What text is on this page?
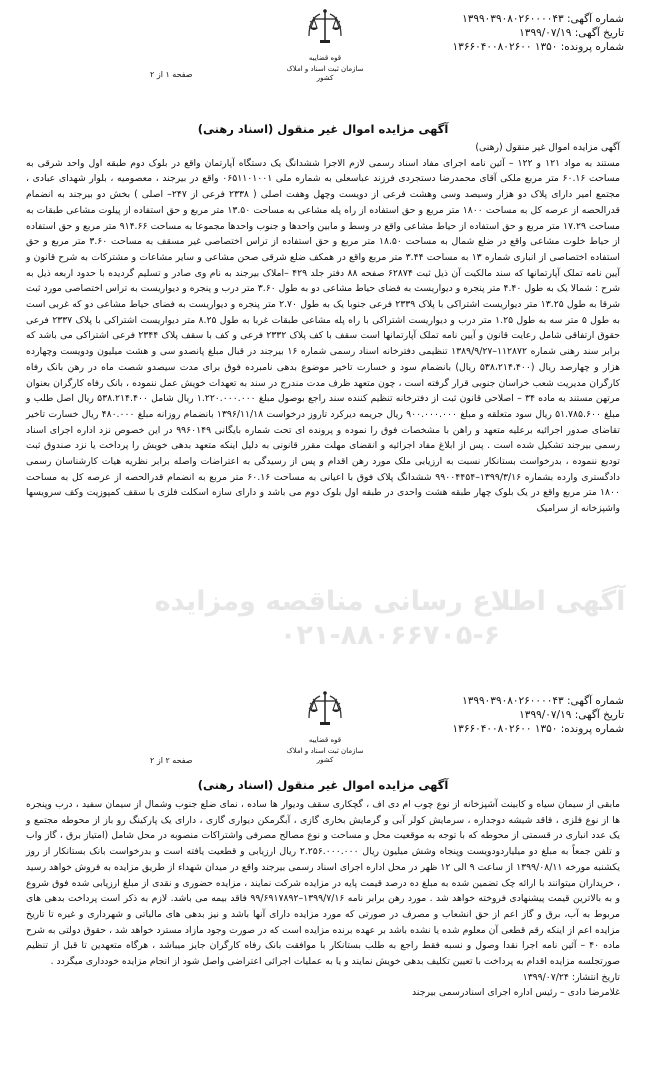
شماره آگهی: ۱۳۹۹۰۳۹۰۸۰۲۶۰۰۰۰۴۳
تاریخ آگهی: ۱۳۹۹/۰۷/۱۹
شماره پرونده: ۱۳۵۰ ۱۳۶۶۰۴۰۰۸۰۲۶۰۰
قوه قضاییه
سازمان ثبت اسناد و املاک کشور
صفحه ۱ از ۲
آگهی مزایده اموال غیر منقول (اسناد رهنی)
آگهی مزایده اموال غیر منقول (رهنی)
مستند به مواد ۱۲۱ و ۱۲۲ – آئین نامه اجرای مفاد اسناد رسمی لازم الاجرا ششدانگ یک دستگاه آپارتمان واقع در بلوک دوم طبقه اول واحد شرقی به مساحت ۶۰.۱۶ متر مربع ملکی آقای محمدرضا دستجردی فرزند عباسعلی به شماره ملی ۰۶۵۱۱۰۱۰۰۱ واقع در بیرجند ، معصومیه ، بلوار شهدای عبادی ، مجتمع امیر دارای پلاک دو هزار وسیصد وسی وهشت فرعی از دویست وچهل وهفت اصلی ( ۲۳۳۸ فرعی از ۲۴۷– اصلی ) بخش دو بیرجند به انضمام قدرالحصه از عرصه کل به مساحت ۱۸۰۰ متر مربع و حق استفاده از راه پله مشاعی به مساحت ۱۳.۵۰ متر مربع و حق استفاده از پیلوت مشاعی طبقات به مساحت ۱۷.۲۹ متر مربع و حق استفاده از حیاط مشاعی واقع در وسط و مابین واحدها و جنوب واحدها مجموعا به مساحت ۹۱۴.۶۶ متر مربع و حق استفاده از حیاط خلوت مشاعی واقع در ضلع شمال به مساحت ۱۸.۵۰ متر مربع و حق استفاده از تراس اختصاصی غیر مسقف به مساحت ۳.۶۰ متر مربع و حق استفاده اختصاصی از انباری شماره ۱۳ به مساحت ۳.۴۴ متر مربع واقع در همکف ضلع شرقی صحن مشاعی و سایر مشاعات و مشترکات به شرح قانون و آیین نامه تملک آپارتمانها که سند مالکیت آن ذیل ثبت ۶۲۸۷۴ صفحه ۸۸ دفتر جلد ۴۲۹ –املاک بیرجند به نام وی صادر و تسلیم گردیده با حدود اربعه ذیل به شرح : شمالا یک به طول ۴.۴۰ متر پنجره و دیواریست به فضای حیاط مشاعی دو به طول ۳.۶۰ متر درب و پنجره و دیواریست به تراس اختصاصی مورد ثبت شرقا به طول ۱۳.۲۵ متر دیواریست اشتراکی با پلاک ۲۳۳۹ فرعی جنوبا یک به طول ۲.۷۰ متر پنجره و دیواریست به فضای حیاط مشاعی دو که غربی است به طول ۵ متر سه به طول ۱.۲۵ متر درب و دیواریست اشتراکی با راه پله مشاعی طبقات غربا به طول ۸.۲۵ متر دیواریست اشتراکی با پلاک ۲۳۳۷ فرعی حقوق ارتفاقی شامل رعایت قانون و آیین نامه تملک آپارتمانها است سقف با کف پلاک ۲۳۳۲ فرعی و کف با سقف پلاک ۲۳۴۴ فرعی اشتراکی می باشد که برابر سند رهنی شماره ۱۱۲۸۷۲–۱۳۸۹/۹/۲۷ تنظیمی دفترخانه اسناد رسمی شماره ۱۶ بیرجند در قبال مبلغ پانصدو سی و هشت میلیون ودویست وچهارده هزار و چهارصد ریال (۵۳۸،۲۱۴،۴۰۰ ریال) بانضمام سود و خسارت تاخیر موضوع بدهی نامبرده فوق برای مدت سیصدو شصت ماه در رهن بانک رفاه کارگران مدیریت شعب خراسان جنوبی قرار گرفته است ، چون متعهد ظرف مدت مندرج در سند به تعهدات خویش عمل ننموده ، بانک رفاه کارگران بعنوان مرتهن مستند به ماده ۳۴ – اصلاحی قانون ثبت از دفترخانه تنظیم کننده سند راجع بوصول مبلغ ۱.۲۲۰.۰۰۰.۰۰۰ ریال شامل ۵۳۸.۲۱۴.۴۰۰ ریال اصل طلب و مبلغ ۵۱.۷۸۵.۶۰۰ ریال سود متعلقه و مبلغ ۹۰۰.۰۰۰.۰۰۰ ریال جریمه دیرکرد تاروز درخواست ۱۳۹۶/۱۱/۱۸ بانضمام روزانه مبلغ ۴۸۰.۰۰۰ ریال خسارت تاخیر تقاضای صدور اجرائیه برعلیه متعهد و راهن با مشخصات فوق را نموده و پرونده ای تحت شماره بایگانی ۹۹۶۰۱۴۹ در این خصوص نزد اداره اجرای اسناد رسمی بیرجند تشکیل شده است . پس از ابلاغ مفاد اجرائیه و انقضای مهلت مقرر قانونی به دلیل اینکه متعهد بدهی خویش را پرداخت یا نزد صندوق ثبت تودیع ننموده ، بدرخواست بستانکار نسبت به ارزیابی ملک مورد رهن اقدام و پس از رسیدگی به اعتراضات واصله برابر نظریه هیات کارشناسان رسمی دادگستری وارده بشماره ۱۳۹۹/۳/۱۶–۹۹۰۰۴۴۵۴ ششدانگ پلاک فوق با اعیانی به مساحت ۶۰.۱۶ متر مربع به انضمام قدرالحصه از عرصه کل به مساحت ۱۸۰۰ متر مربع واقع در یک بلوک چهار طبقه هشت واحدی در طبقه اول بلوک دوم می باشد و دارای سازه اسکلت فلزی با سقف کمپوزیت وکف سرویسها واشپزخانه از سرامیک
آگهی اطلاع رسانی مناقصه ومزایده
۰۲۱-۸۸۰۶۶۷۰۵-۶
شماره آگهی: ۱۳۹۹۰۳۹۰۸۰۲۶۰۰۰۰۴۳
تاریخ آگهی: ۱۳۹۹/۰۷/۱۹
شماره پرونده: ۱۳۵۰ ۱۳۶۶۰۴۰۰۸۰۲۶۰۰
قوه قضاییه
سازمان ثبت اسناد و املاک کشور
صفحه ۲ از ۲
آگهی مزایده اموال غیر منقول (اسناد رهنی)
مابقی از سیمان سیاه و کابینت آشپزخانه از نوع چوب ام دی اف ، گچکاری سقف ودیوار ها ساده ، نمای ضلع جنوب وشمال از سیمان سفید ، درب وپنجره ها از نوع فلزی ، فاقد شیشه دوجداره ، سرمایش کولر آبی و گرمایش بخاری گازی ، آبگرمکن دیواری گازی ، دارای یک پارکینگ رو باز از محوطه مجتمع و یک عدد انباری در قسمتی از محوطه که با توجه به موقعیت محل و مساحت و نوع مصالح مصرفی واشتراکات منصوبه در محل شامل (امتیاز برق ، گاز واب و تلفن جمعاً به مبلغ دو میلیاردودویست وپنجاه وشش میلیون ریال ۲.۲۵۶.۰۰۰.۰۰۰ ریال ارزیابی و قطعیت یافته است و بدرخواست بانک بستانکار از روز یکشنبه مورخه ۱۳۹۹/۰۸/۱۱ از ساعت ۹ الی ۱۲ ظهر در محل اداره اجرای اسناد رسمی بیرجند واقع در میدان شهداء از طریق مزایده به فروش خواهد رسید ، خریداران میتوانند با ارائه چک تضمین شده به مبلغ ده درصد قیمت پایه در مزایده شرکت نمایند ، مزایده حضوری و نقدی از مبلغ ارزیابی شده فوق شروع و به بالاترین قیمت پیشنهادی فروخته خواهد شد . مورد رهن برابر نامه ۱۳۹۹/۷/۱۶–۹۹/۶۹۱۷۸۹۲ فاقد بیمه می باشد. لازم به ذکر است پرداخت بدهی های مربوط به آب، برق و گاز اعم از حق انشعاب و مصرف در صورتی که مورد مزایده دارای آنها باشد و نیز بدهی های مالیاتی و شهرداری و غیره تا تاریخ مزایده اعم از اینکه رقم قطعی آن معلوم شده یا نشده باشد بر عهده برنده مزایده است که در صورت وجود مازاد مسترد خواهد شد ، حقوق دولتی به شرح ماده ۴۰ – آئین نامه اجرا نقدا وصول و نسبه فقط راجع به طلب بستانکار با موافقت بانک رفاه کارگران جایز میباشد ، هرگاه متعهدین تا قبل از تنظیم صورتجلسه مزایده اقدام به پرداخت با تعیین تکلیف بدهی خویش نمایند و یا به عملیات اجرائی اعتراضی واصل شود از انجام مزایده خودداری میگردد .
تاریخ انتشار: ۱۳۹۹/۰۷/۲۴
غلامرضا دادی – رئیس اداره اجرای اسنادرسمی بیرجند
